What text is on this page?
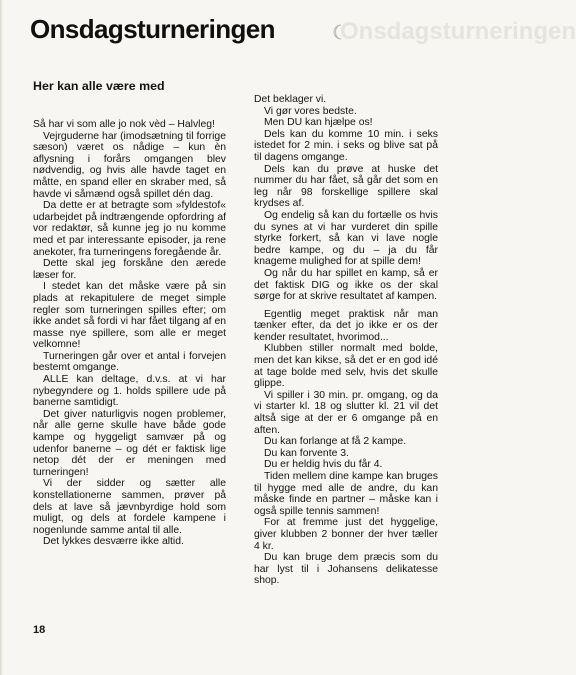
Onsdagsturneringen	Onsdagsturneringen
Her kan alle være med

Så har vi som alle jo nok vèd – Halvleg!

Vejrguderne har (imodsætning til forrige sæson) været os nådige – kun èn aflysning i forårs omgangen blev nødvendig, og hvis alle havde taget en måtte, en spand eller en skraber med, så havde vi såmænd også spillet dén dag.

Da dette er at betragte som »fyldestof« udarbejdet på indtrængende opfordring af vor redaktør, så kunne jeg jo nu komme med et par interessante episoder, ja rene anekoter, fra turneringens foregående år.

Dette skal jeg forskåne den ærede læser for.

I stedet kan det måske være på sin plads at rekapitulere de meget simple regler som turneringen spilles efter; om ikke andet så fordi vi har fået tilgang af en masse nye spillere, som alle er meget velkomne!

Turneringen går over et antal i forvejen bestemt omgange.

ALLE kan deltage, d.v.s. at vi har nybegyndere og 1. holds spillere ude på banerne samtidigt.

Det giver naturligvis nogen problemer, når alle gerne skulle have både gode kampe og hyggeligt samvær på og udenfor banerne – og dét er faktisk lige netop dét der er meningen med turneringen!

Vi der sidder og sætter alle konstellationerne sammen, prøver på dels at lave så jævnbyrdige hold som muligt, og dels at fordele kampene i nogenlunde samme antal til alle.

Det lykkes desværre ikke altid.

Det beklager vi.

Vi gør vores bedste.

Men DU kan hjælpe os!

Dels kan du komme 10 min. i seks istedet for 2 min. i seks og blive sat på til dagens omgange.

Dels kan du prøve at huske det nummer du har fået, så går det som en leg når 98 forskellige spillere skal krydses af.

Og endelig så kan du fortælle os hvis du synes at vi har vurderet din spille styrke forkert, så kan vi lave nogle bedre kampe, og du – ja du får knageme mulighed for at spille dem!

Og når du har spillet en kamp, så er det faktisk DIG og ikke os der skal sørge for at skrive resultatet af kampen.

Egentlig meget praktisk når man tænker efter, da det jo ikke er os der kender resultatet, hvorimod...

Klubben stiller normalt med bolde, men det kan kikse, så det er en god idé at tage bolde med selv, hvis det skulle glippe.

Vi spiller i 30 min. pr. omgang, og da vi starter kl. 18 og slutter kl. 21 vil det altså sige at der er 6 omgange på en aften.

Du kan forlange at få 2 kampe.

Du kan forvente 3.

Du er heldig hvis du får 4.

Tiden mellem dine kampe kan bruges til hygge med alle de andre, du kan måske finde en partner – måske kan i også spille tennis sammen!

For at fremme just det hyggelige, giver klubben 2 bonner der hver tæller 4 kr.

Du kan bruge dem præcis som du har lyst til i Johansens delikatesse shop.

18
